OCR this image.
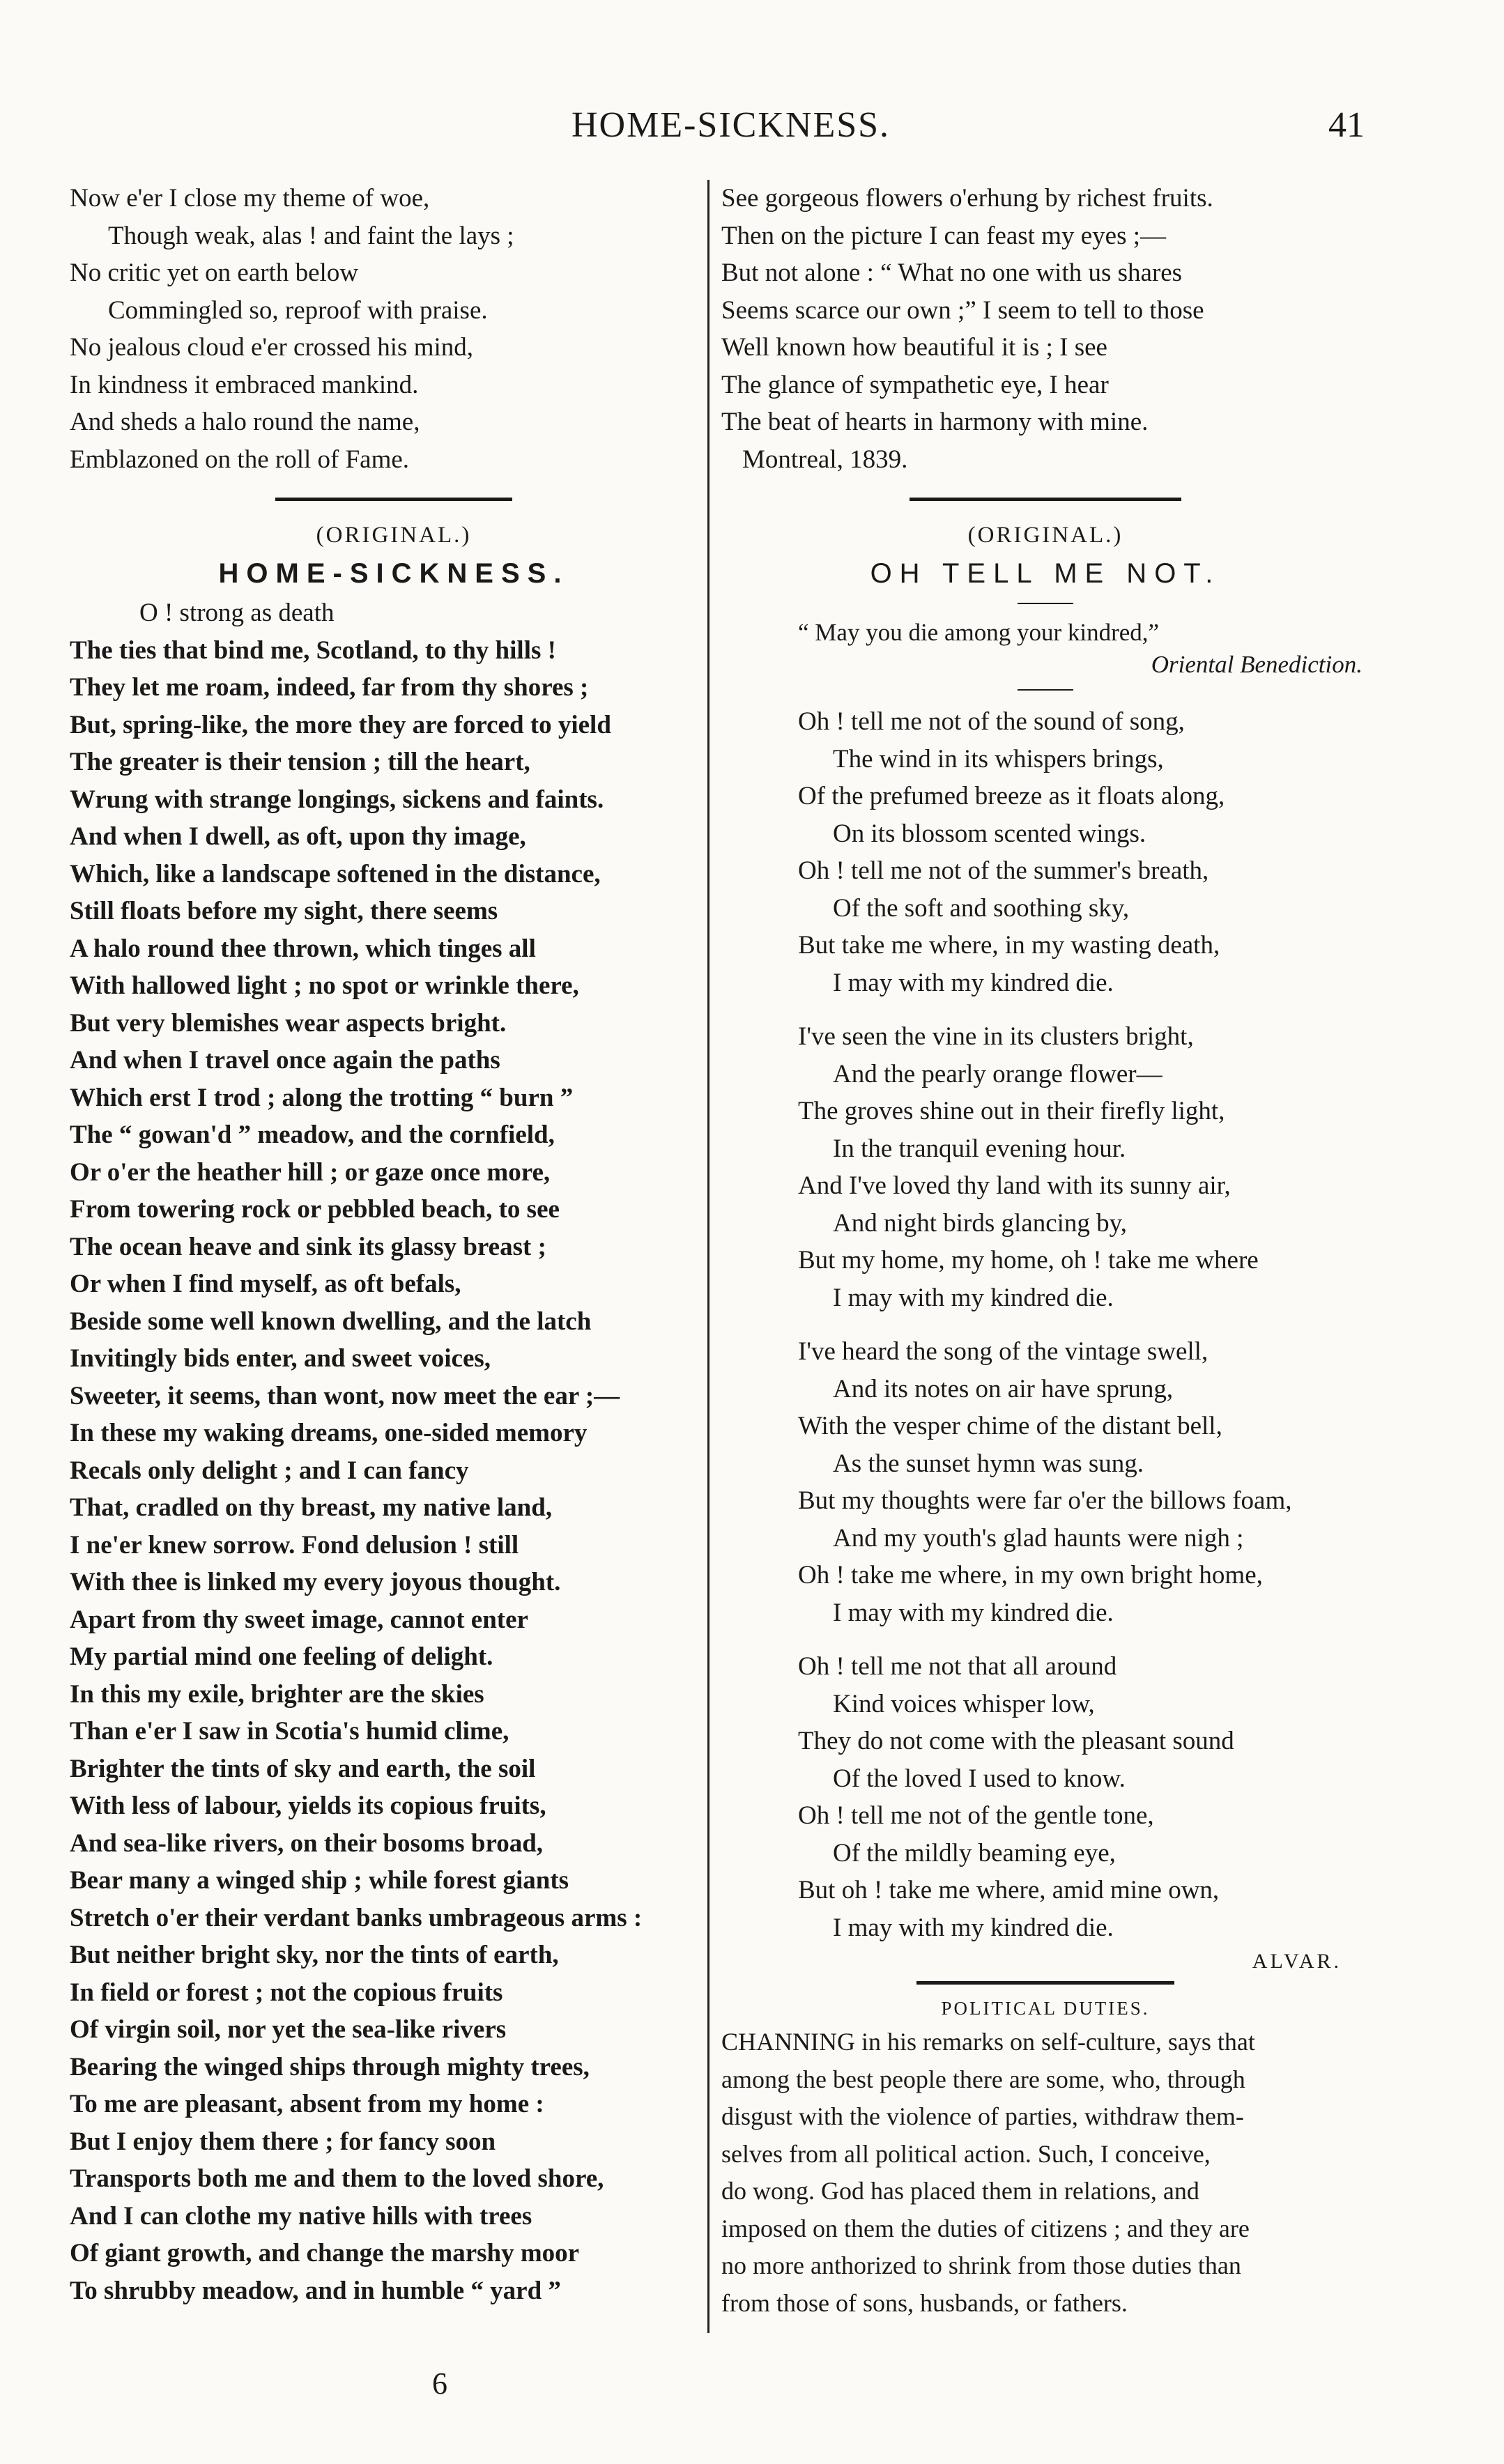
HOME-SICKNESS.	41
Now e'er I close my theme of woe,
Though weak, alas ! and faint the lays ;
No critic yet on earth below
Commingled so, reproof with praise.
No jealous cloud e'er crossed his mind,
In kindness it embraced mankind.
And sheds a halo round the name,
Emblazoned on the roll of Fame.
(ORIGINAL.)
HOME-SICKNESS.
O ! strong as death
The ties that bind me, Scotland, to thy hills !
They let me roam, indeed, far from thy shores ;
But, spring-like, the more they are forced to yield
The greater is their tension ; till the heart,
Wrung with strange longings, sickens and faints.
And when I dwell, as oft, upon thy image,
Which, like a landscape softened in the distance,
Still floats before my sight, there seems
A halo round thee thrown, which tinges all
With hallowed light ; no spot or wrinkle there,
But very blemishes wear aspects bright.
And when I travel once again the paths
Which erst I trod ; along the trotting “ burn ”
The “ gowan'd ” meadow, and the cornfield,
Or o'er the heather hill ; or gaze once more,
From towering rock or pebbled beach, to see
The ocean heave and sink its glassy breast ;
Or when I find myself, as oft befals,
Beside some well known dwelling, and the latch
Invitingly bids enter, and sweet voices,
Sweeter, it seems, than wont, now meet the ear ;—
In these my waking dreams, one-sided memory
Recals only delight ; and I can fancy
That, cradled on thy breast, my native land,
I ne'er knew sorrow. Fond delusion ! still
With thee is linked my every joyous thought.
Apart from thy sweet image, cannot enter
My partial mind one feeling of delight.
In this my exile, brighter are the skies
Than e'er I saw in Scotia's humid clime,
Brighter the tints of sky and earth, the soil
With less of labour, yields its copious fruits,
And sea-like rivers, on their bosoms broad,
Bear many a winged ship ; while forest giants
Stretch o'er their verdant banks umbrageous arms :
But neither bright sky, nor the tints of earth,
In field or forest ; not the copious fruits
Of virgin soil, nor yet the sea-like rivers
Bearing the winged ships through mighty trees,
To me are pleasant, absent from my home :
But I enjoy them there ; for fancy soon
Transports both me and them to the loved shore,
And I can clothe my native hills with trees
Of giant growth, and change the marshy moor
To shrubby meadow, and in humble “ yard ”
6
See gorgeous flowers o'erhung by richest fruits.
Then on the picture I can feast my eyes ;—
But not alone : “ What no one with us shares
Seems scarce our own ;” I seem to tell to those
Well known how beautiful it is ; I see
The glance of sympathetic eye, I hear
The beat of hearts in harmony with mine.
Montreal, 1839.
(ORIGINAL.)
OH TELL ME NOT.
“ May you die among your kindred,”
Oriental Benediction.
Oh ! tell me not of the sound of song,
The wind in its whispers brings,
Of the prefumed breeze as it floats along,
On its blossom scented wings.
Oh ! tell me not of the summer's breath,
Of the soft and soothing sky,
But take me where, in my wasting death,
I may with my kindred die.
I've seen the vine in its clusters bright,
And the pearly orange flower—
The groves shine out in their firefly light,
In the tranquil evening hour.
And I've loved thy land with its sunny air,
And night birds glancing by,
But my home, my home, oh ! take me where
I may with my kindred die.
I've heard the song of the vintage swell,
And its notes on air have sprung,
With the vesper chime of the distant bell,
As the sunset hymn was sung.
But my thoughts were far o'er the billows foam,
And my youth's glad haunts were nigh ;
Oh ! take me where, in my own bright home,
I may with my kindred die.
Oh ! tell me not that all around
Kind voices whisper low,
They do not come with the pleasant sound
Of the loved I used to know.
Oh ! tell me not of the gentle tone,
Of the mildly beaming eye,
But oh ! take me where, amid mine own,
I may with my kindred die.
ALVAR.
POLITICAL DUTIES.
CHANNING in his remarks on self-culture, says that
among the best people there are some, who, through
disgust with the violence of parties, withdraw them-
selves from all political action. Such, I conceive,
do wong. God has placed them in relations, and
imposed on them the duties of citizens ; and they are
no more anthorized to shrink from those duties than
from those of sons, husbands, or fathers.
